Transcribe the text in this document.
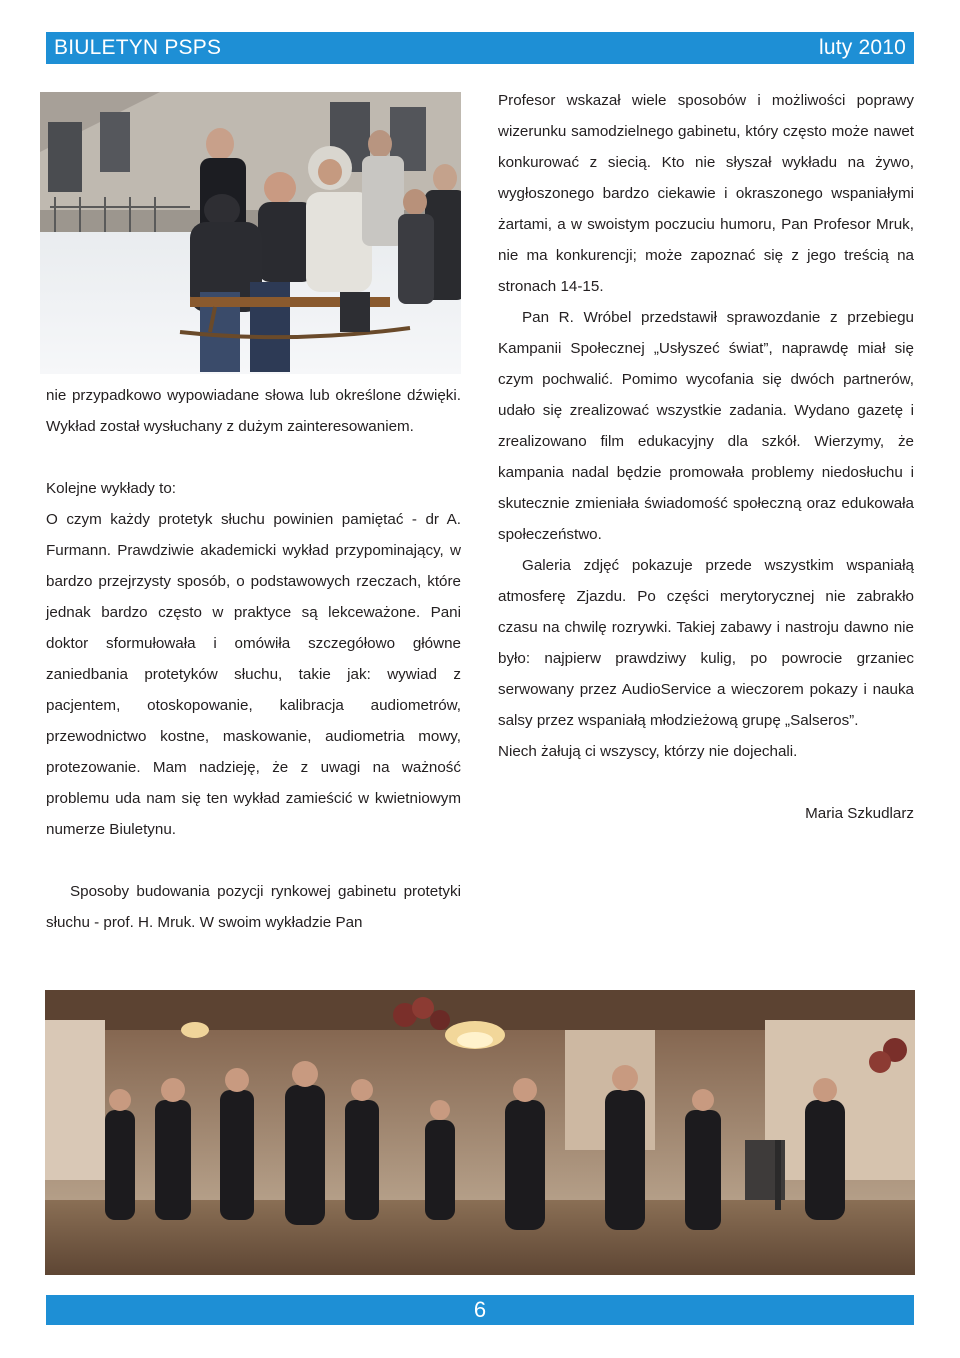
BIULETYN PSPS	luty 2010

nie przypadkowo wypowiadane słowa lub określone dźwięki. Wykład został wysłuchany z dużym zainteresowaniem.

Kolejne wykłady to:

O czym każdy protetyk słuchu powinien pamiętać - dr A. Furmann. Prawdziwie akademicki wykład przypominający, w bardzo przejrzysty sposób, o podstawowych rzeczach, które jednak bardzo często w praktyce są lekceważone. Pani doktor sformułowała i omówiła szczegółowo główne zaniedbania protetyków słuchu, takie jak: wywiad z pacjentem, otoskopowanie, kalibracja audiometrów, przewodnictwo kostne, maskowanie, audiometria mowy, protezowanie. Mam nadzieję, że z uwagi na ważność problemu uda nam się ten wykład zamieścić w kwietniowym numerze Biuletynu.

Sposoby budowania pozycji rynkowej gabinetu protetyki słuchu - prof. H. Mruk. W swoim wykładzie Pan

Profesor wskazał wiele sposobów i możliwości poprawy wizerunku samodzielnego gabinetu, który często może nawet konkurować z siecią. Kto nie słyszał wykładu na żywo, wygłoszonego bardzo ciekawie i okraszonego wspaniałymi żartami, a w swoistym poczuciu humoru, Pan Profesor Mruk, nie ma konkurencji; może zapoznać się z jego treścią na stronach 14-15.

Pan R. Wróbel przedstawił sprawozdanie z przebiegu Kampanii Społecznej „Usłyszeć świat”, naprawdę miał się czym pochwalić. Pomimo wycofania się dwóch partnerów, udało się zrealizować wszystkie zadania. Wydano gazetę i zrealizowano film edukacyjny dla szkół. Wierzymy, że kampania nadal będzie promowała problemy niedosłuchu i skutecznie zmieniała świadomość społeczną oraz edukowała społeczeństwo.

Galeria zdjęć pokazuje przede wszystkim wspaniałą atmosferę Zjazdu. Po części merytorycznej nie zabrakło czasu na chwilę rozrywki. Takiej zabawy i nastroju dawno nie było: najpierw prawdziwy kulig, po powrocie grzaniec serwowany przez AudioService a wieczorem pokazy i nauka salsy przez wspaniałą młodzieżową grupę „Salseros”.

Niech żałują ci wszyscy, którzy nie dojechali.

Maria Szkudlarz

6
